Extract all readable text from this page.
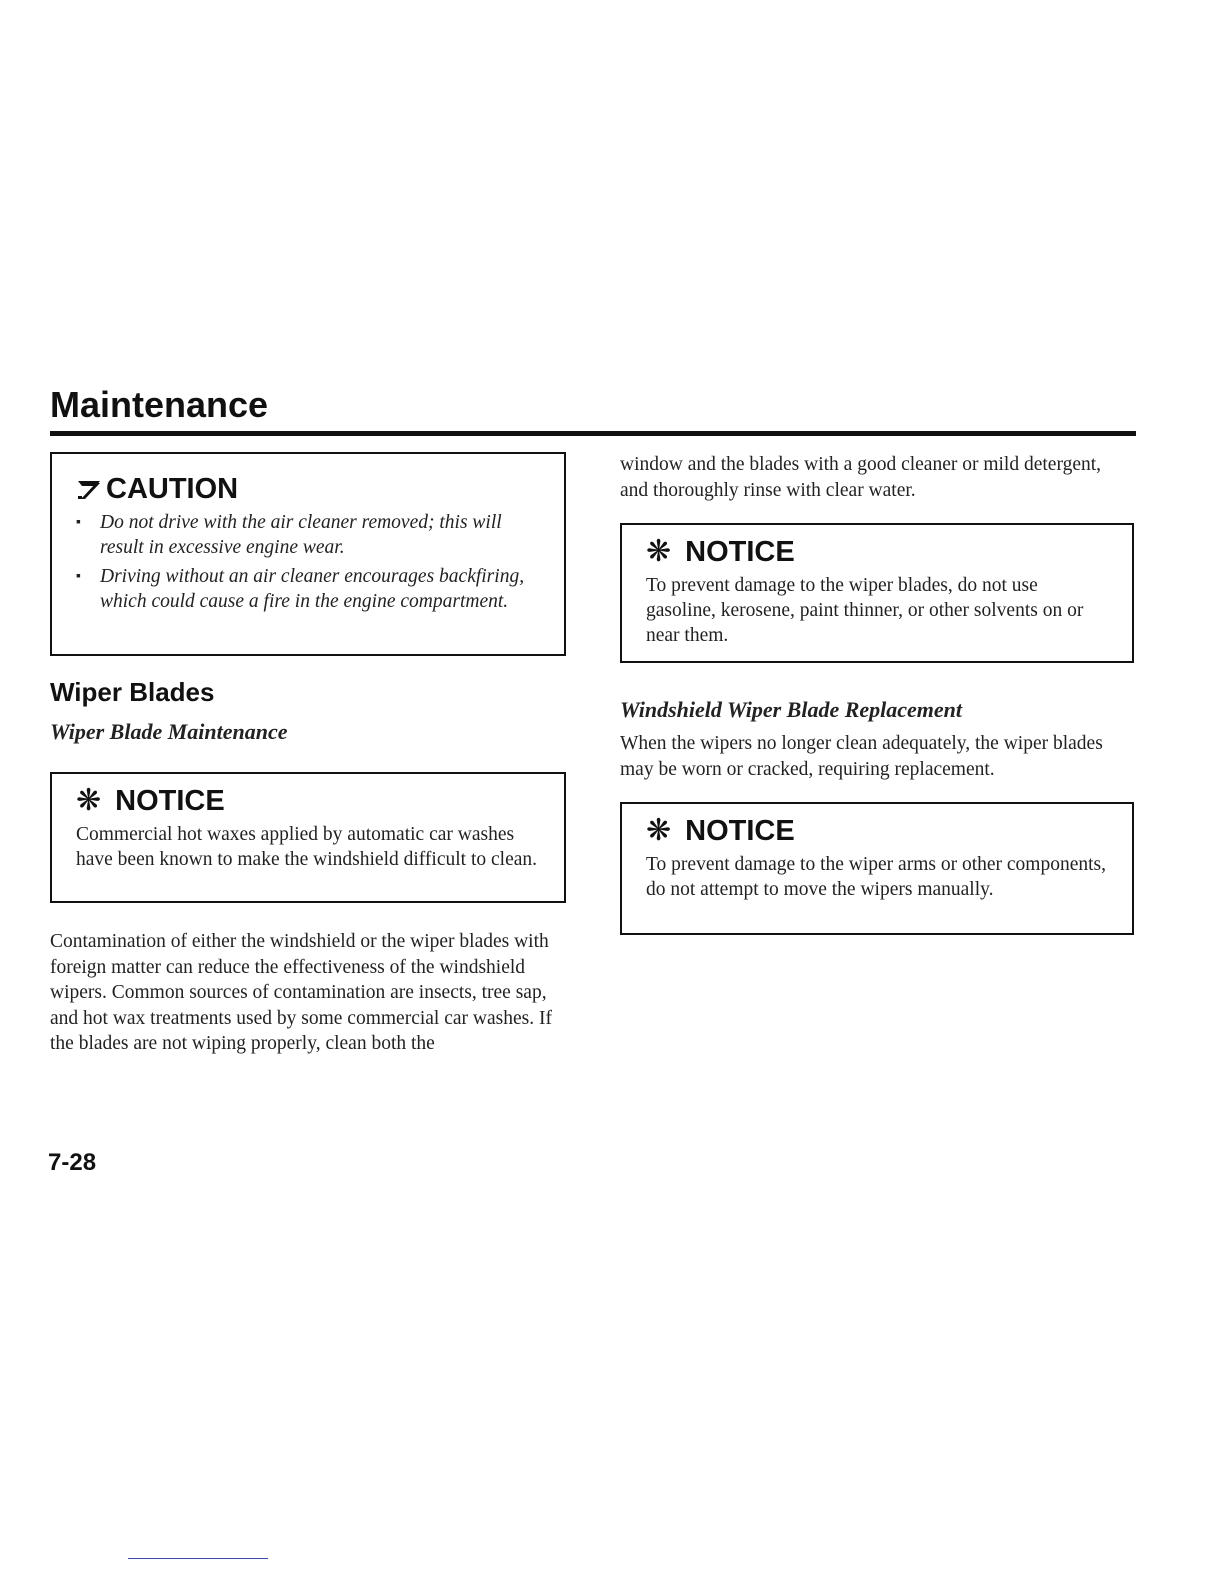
Maintenance
CAUTION
▪ Do not drive with the air cleaner removed; this will result in excessive engine wear.
▪ Driving without an air cleaner encourages backfiring, which could cause a fire in the engine compartment.
Wiper Blades
Wiper Blade Maintenance
❋ NOTICE
Commercial hot waxes applied by automatic car washes have been known to make the windshield difficult to clean.

Contamination of either the windshield or the wiper blades with foreign matter can reduce the effectiveness of the windshield wipers. Common sources of contamination are insects, tree sap, and hot wax treatments used by some commercial car washes. If the blades are not wiping properly, clean both the

window and the blades with a good cleaner or mild detergent, and thoroughly rinse with clear water.

❋ NOTICE
To prevent damage to the wiper blades, do not use gasoline, kerosene, paint thinner, or other solvents on or near them.
Windshield Wiper Blade Replacement

When the wipers no longer clean adequately, the wiper blades may be worn or cracked, requiring replacement.

❋ NOTICE
To prevent damage to the wiper arms or other components, do not attempt to move the wipers manually.
7-28
